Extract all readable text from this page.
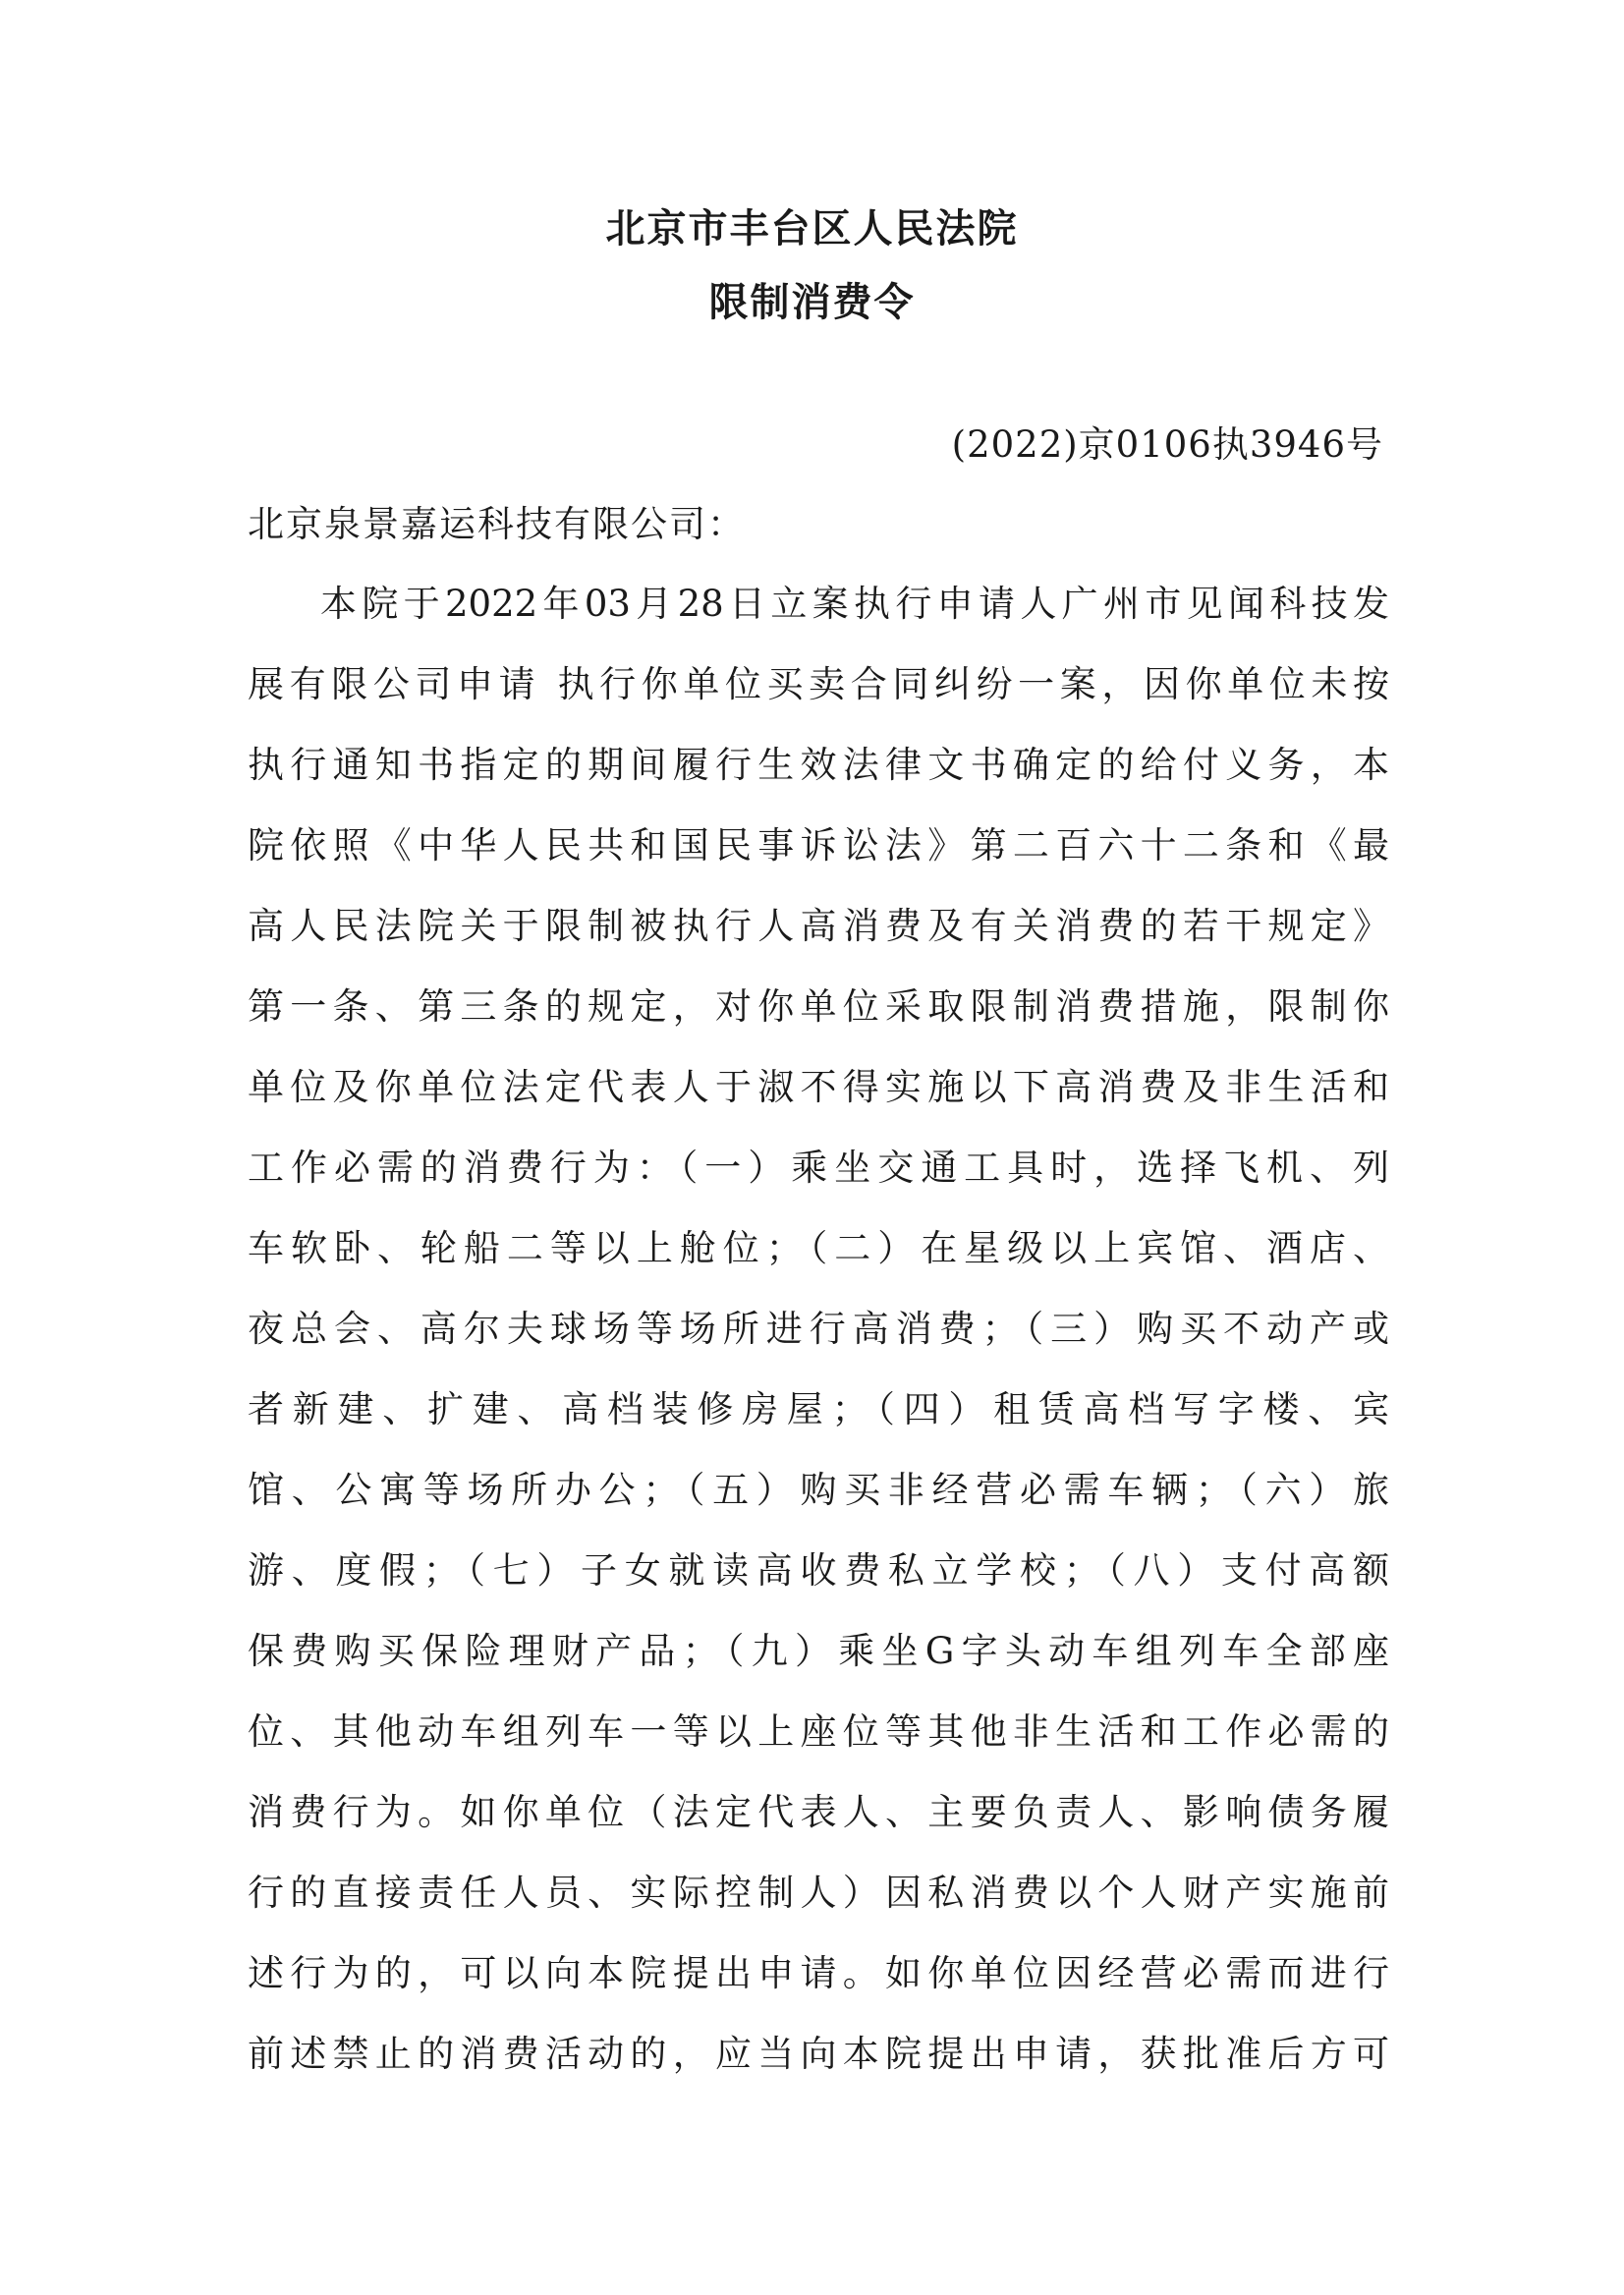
北京市丰台区人民法院
限制消费令
(2022)京0106执3946号
北京泉景嘉运科技有限公司：
本院于2022年03月28日立案执行申请人广州市见闻科技发
展有限公司申请 执行你单位买卖合同纠纷一案，因你单位未按
执行通知书指定的期间履行生效法律文书确定的给付义务，本
院依照《中华人民共和国民事诉讼法》第二百六十二条和《最
高人民法院关于限制被执行人高消费及有关消费的若干规定》
第一条、第三条的规定，对你单位采取限制消费措施，限制你
单位及你单位法定代表人于淑不得实施以下高消费及非生活和
工作必需的消费行为：（一）乘坐交通工具时，选择飞机、列
车软卧、轮船二等以上舱位；（二）在星级以上宾馆、酒店、
夜总会、高尔夫球场等场所进行高消费；（三）购买不动产或
者新建、扩建、高档装修房屋；（四）租赁高档写字楼、宾
馆、公寓等场所办公；（五）购买非经营必需车辆；（六）旅
游、度假；（七）子女就读高收费私立学校；（八）支付高额
保费购买保险理财产品；（九）乘坐G字头动车组列车全部座
位、其他动车组列车一等以上座位等其他非生活和工作必需的
消费行为。如你单位（法定代表人、主要负责人、影响债务履
行的直接责任人员、实际控制人）因私消费以个人财产实施前
述行为的，可以向本院提出申请。如你单位因经营必需而进行
前述禁止的消费活动的，应当向本院提出申请，获批准后方可
